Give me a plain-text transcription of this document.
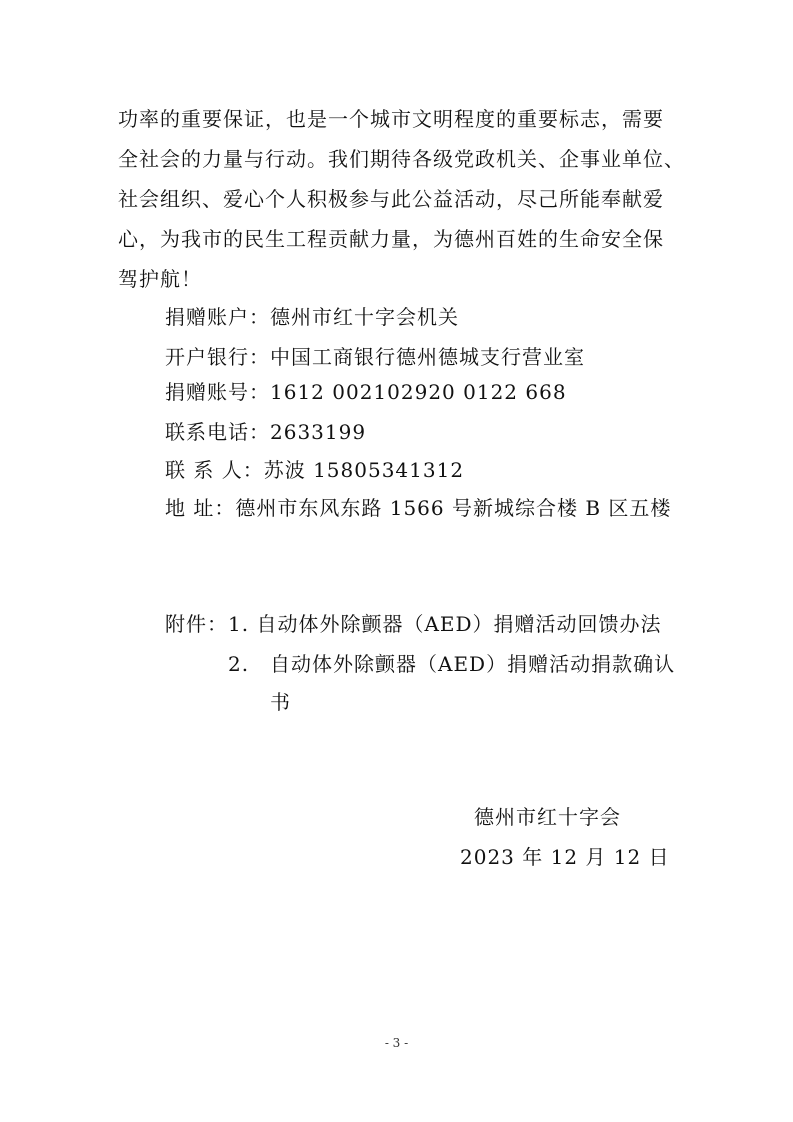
功率的重要保证，也是一个城市文明程度的重要标志，需要
全社会的力量与行动。我们期待各级党政机关、企事业单位、
社会组织、爱心个人积极参与此公益活动，尽己所能奉献爱
心，为我市的民生工程贡献力量，为德州百姓的生命安全保
驾护航！
捐赠账户：德州市红十字会机关
开户银行：中国工商银行德州德城支行营业室
捐赠账号：1612 002102920 0122 668
联系电话：2633199
联 系 人：苏波 15805341312
地 址：德州市东风东路 1566 号新城综合楼 B 区五楼
附件：1. 自动体外除颤器（AED）捐赠活动回馈办法
2. 自动体外除颤器（AED）捐赠活动捐款确认
书
德州市红十字会
2023 年 12 月 12 日
- 3 -
